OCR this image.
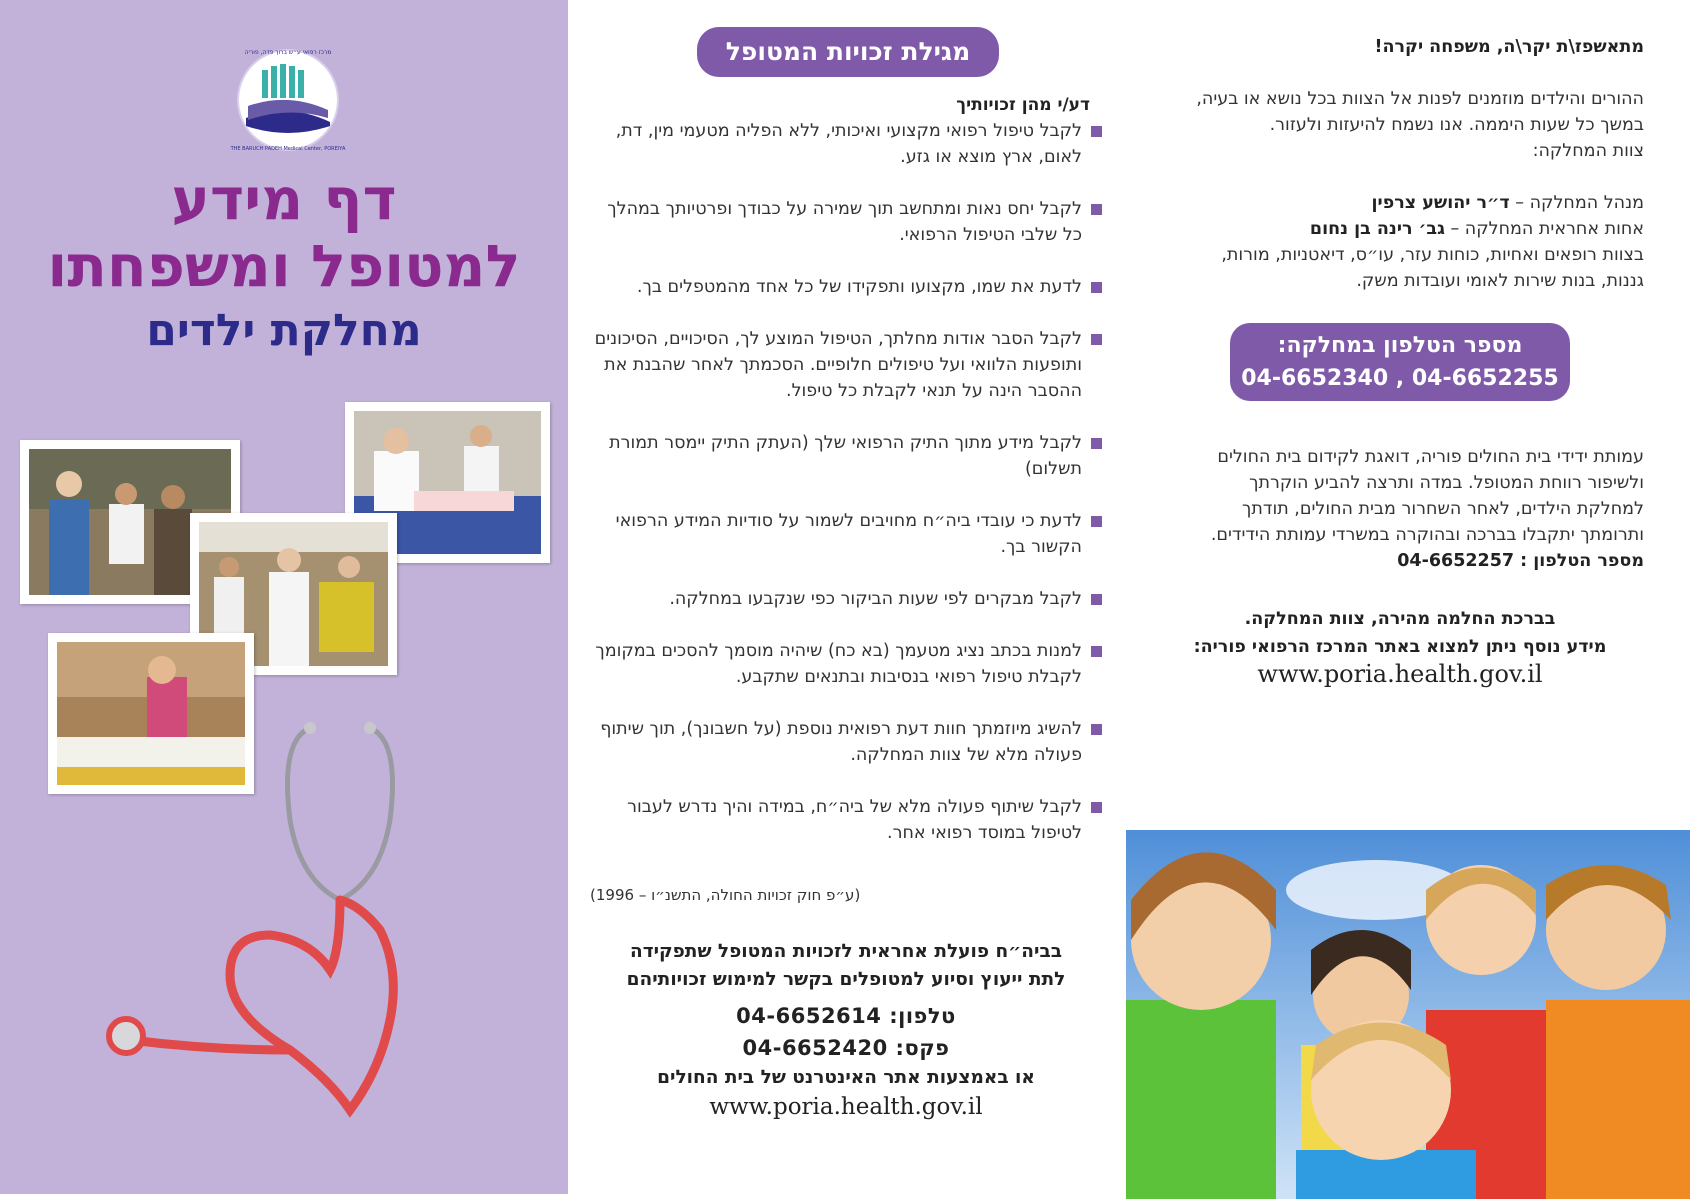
מרכז רפואי ע״ש ברוך פדה, פוריה
THE BARUCH PADEH Medical Center, POREIYA
דף מידע
למטופל ומשפחתו
מחלקת ילדים
מגילת זכויות המטופל
דע/י מהן זכויותיך
לקבל טיפול רפואי מקצועי ואיכותי, ללא הפליה מטעמי מין, דת, לאום, ארץ מוצא או גזע.
לקבל יחס נאות ומתחשב תוך שמירה על כבודך ופרטיותך במהלך כל שלבי הטיפול הרפואי.
לדעת את שמו, מקצועו ותפקידו של כל אחד מהמטפלים בך.
לקבל הסבר אודות מחלתך, הטיפול המוצע לך, הסיכויים, הסיכונים ותופעות הלוואי ועל טיפולים חלופיים. הסכמתך לאחר שהבנת את ההסבר הינה על תנאי לקבלת כל טיפול.
לקבל מידע מתוך התיק הרפואי שלך (העתק התיק יימסר תמורת תשלום)
לדעת כי עובדי ביה״ח מחויבים לשמור על סודיות המידע הרפואי הקשור בך.
לקבל מבקרים לפי שעות הביקור כפי שנקבעו במחלקה.
למנות בכתב נציג מטעמך (בא כח) שיהיה מוסמך להסכים במקומך לקבלת טיפול רפואי בנסיבות ובתנאים שתקבע.
להשיג מיוזמתך חוות דעת רפואית נוספת (על חשבונך), תוך שיתוף פעולה מלא של צוות המחלקה.
לקבל שיתוף פעולה מלא של ביה״ח, במידה והיך נדרש לעבור לטיפול במוסד רפואי אחר.
(ע״פ חוק זכויות החולה, התשנ״ו – 1996)
בביה״ח פועלת אחראית לזכויות המטופל שתפקידה
לתת ייעוץ וסיוע למטופלים בקשר למימוש זכויותיהם
טלפון: 04-6652614
פקס: 04-6652420
או באמצעות אתר האינטרנט של בית החולים
www.poria.health.gov.il
מתאשפז\ת יקר\ה, משפחה יקרה!
ההורים והילדים מוזמנים לפנות אל הצוות בכל נושא או בעיה,
במשך כל שעות היממה. אנו נשמח להיעזות ולעזור.
צוות המחלקה:
מנהל המחלקה – ד״ר יהושע צרפין
אחות אחראית המחלקה – גב׳ רינה בן נחום
בצוות רופאים ואחיות, כוחות עזר, עו״ס, דיאטניות, מורות,
גננות, בנות שירות לאומי ועובדות משק.
מספר הטלפון במחלקה:
04-6652340 , 04-6652255
עמותת ידידי בית החולים פוריה, דואגת לקידום בית החולים
ולשיפור רווחת המטופל. במדה ותרצה להביע הוקרתך
למחלקת הילדים, לאחר השחרור מבית החולים, תודתך
ותרומתך יתקבלו בברכה ובהוקרה במשרדי עמותת הידידים.
מספר הטלפון : 04-6652257
בברכת החלמה מהירה, צוות המחלקה.
מידע נוסף ניתן למצוא באתר המרכז הרפואי פוריה:
www.poria.health.gov.il
